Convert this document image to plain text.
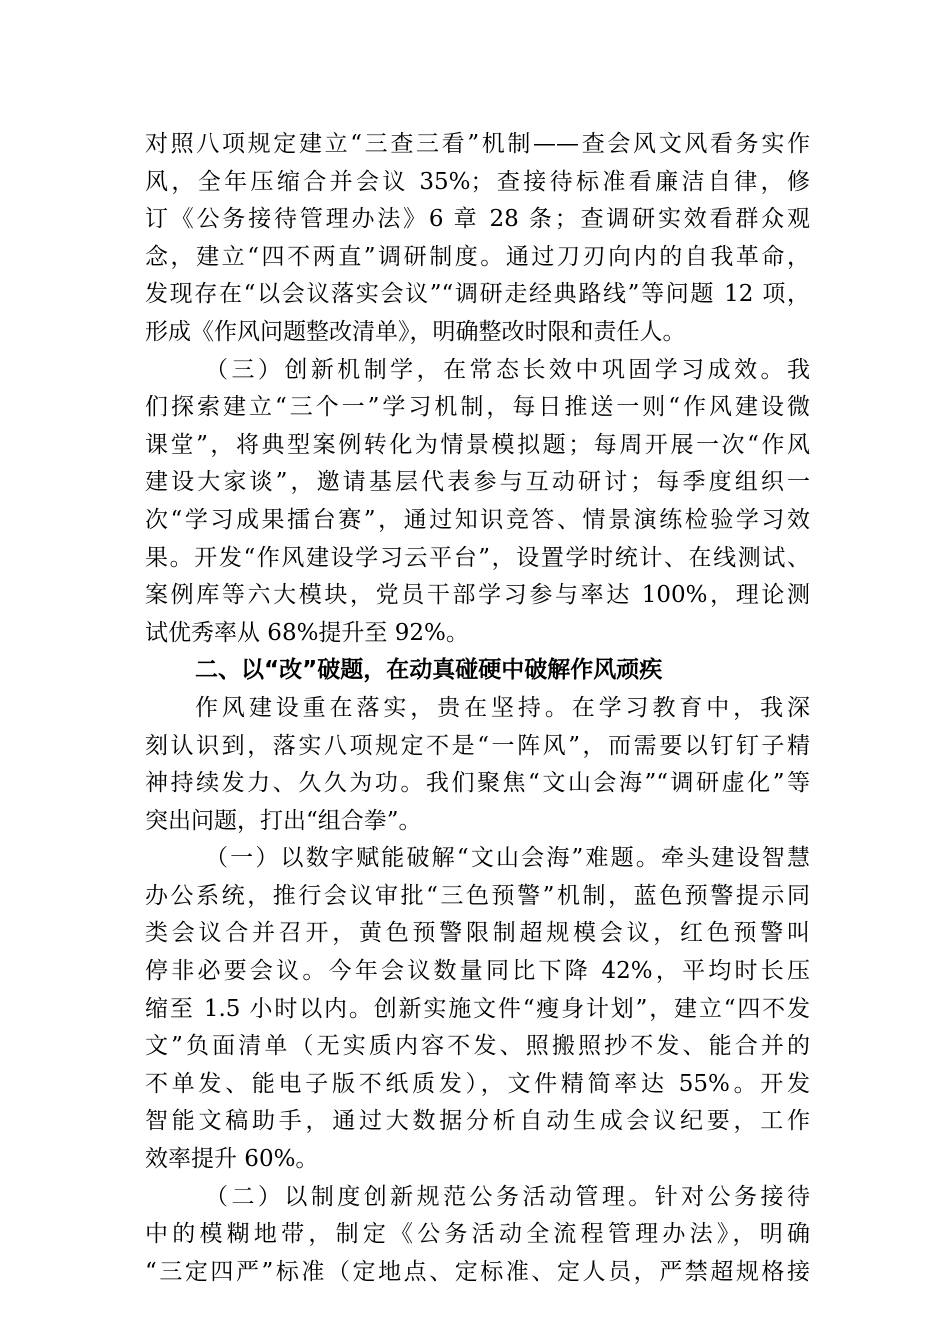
对照八项规定建立“三查三看”机制——查会风文风看务实作
风，全年压缩合并会议 35%；查接待标准看廉洁自律，修
订《公务接待管理办法》6 章 28 条；查调研实效看群众观
念，建立“四不两直”调研制度。通过刀刃向内的自我革命，
发现存在“以会议落实会议”“调研走经典路线”等问题 12 项，
形成《作风问题整改清单》，明确整改时限和责任人。
（三）创新机制学，在常态长效中巩固学习成效。我
们探索建立“三个一”学习机制，每日推送一则“作风建设微
课堂”，将典型案例转化为情景模拟题；每周开展一次“作风
建设大家谈”，邀请基层代表参与互动研讨；每季度组织一
次“学习成果擂台赛”，通过知识竞答、情景演练检验学习效
果。开发“作风建设学习云平台”，设置学时统计、在线测试、
案例库等六大模块，党员干部学习参与率达 100%，理论测
试优秀率从 68%提升至 92%。
二、以“改”破题，在动真碰硬中破解作风顽疾
作风建设重在落实，贵在坚持。在学习教育中，我深
刻认识到，落实八项规定不是“一阵风”，而需要以钉钉子精
神持续发力、久久为功。我们聚焦“文山会海”“调研虚化”等
突出问题，打出“组合拳”。
（一）以数字赋能破解“文山会海”难题。牵头建设智慧
办公系统，推行会议审批“三色预警”机制，蓝色预警提示同
类会议合并召开，黄色预警限制超规模会议，红色预警叫
停非必要会议。今年会议数量同比下降 42%，平均时长压
缩至 1.5 小时以内。创新实施文件“瘦身计划”，建立“四不发
文”负面清单（无实质内容不发、照搬照抄不发、能合并的
不单发、能电子版不纸质发），文件精简率达 55%。开发
智能文稿助手，通过大数据分析自动生成会议纪要，工作
效率提升 60%。
（二）以制度创新规范公务活动管理。针对公务接待
中的模糊地带，制定《公务活动全流程管理办法》，明确
“三定四严”标准（定地点、定标准、定人员，严禁超规格接
